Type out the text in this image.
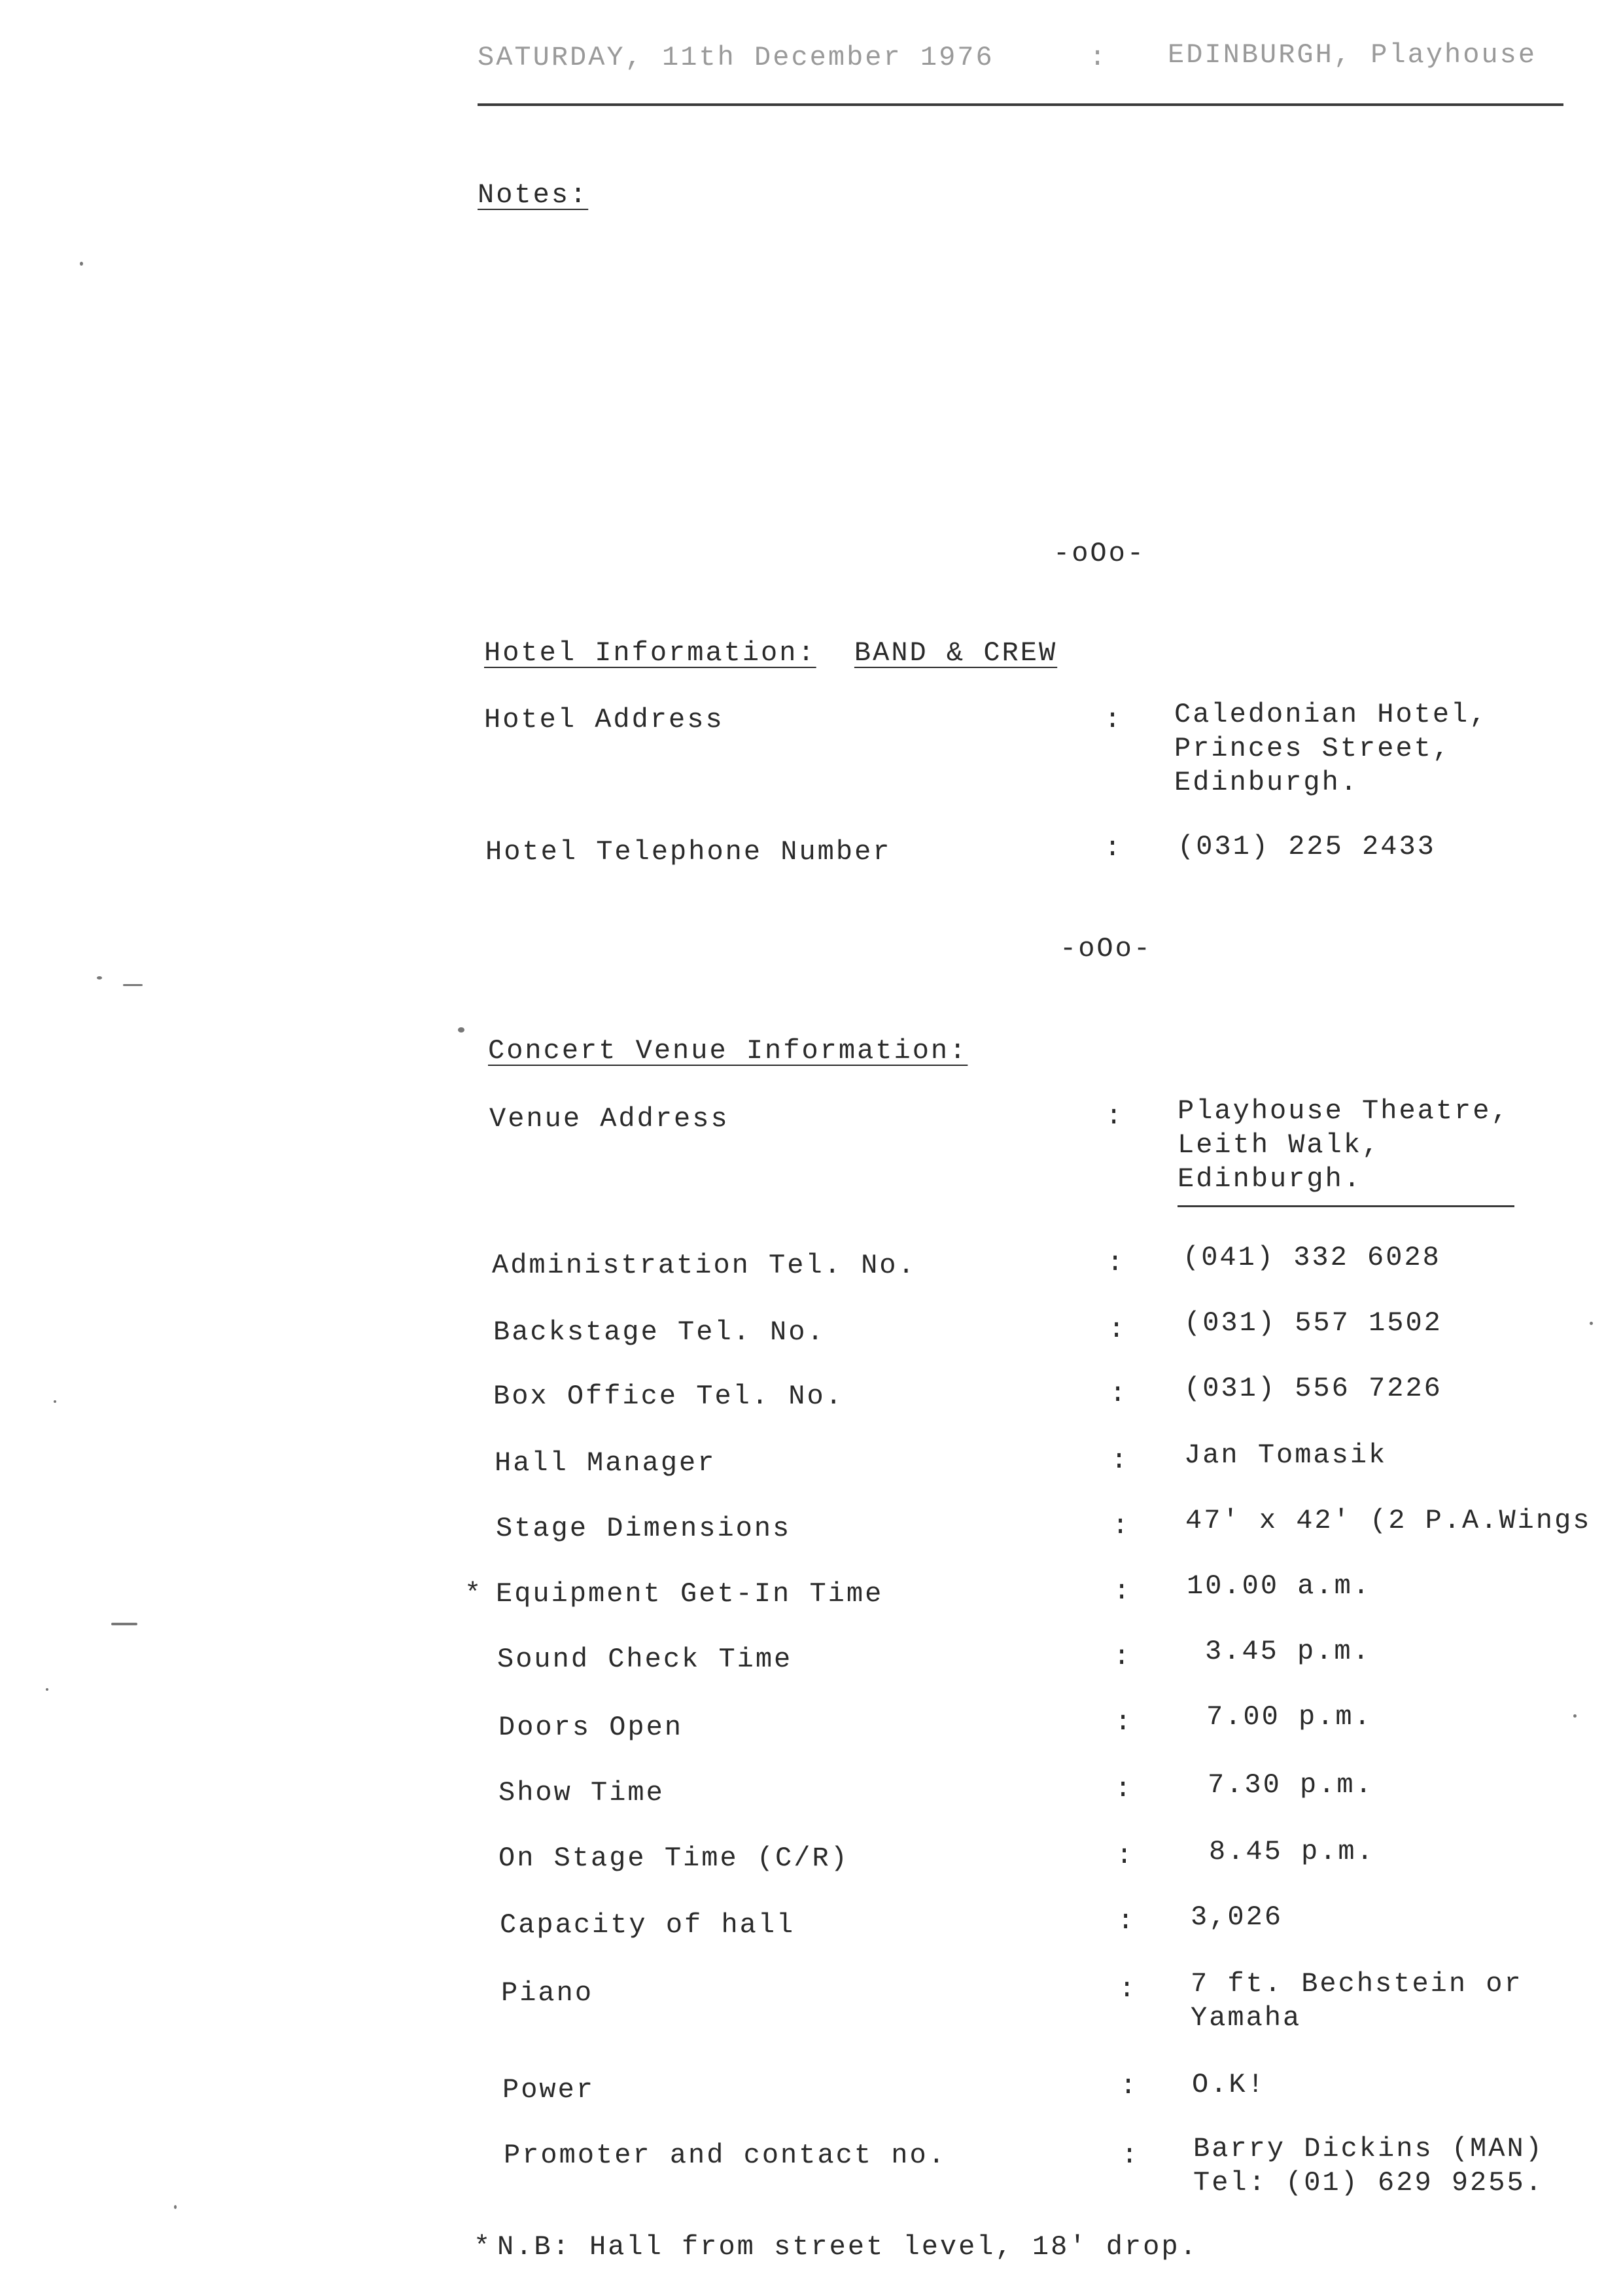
SATURDAY, 11th December 1976	: EDINBURGH, Playhouse
Notes:
-oOo-
Hotel Information: BAND & CREW
Hotel Address	: Caledonian Hotel,
Princes Street,
Edinburgh.
Hotel Telephone Number	: (031) 225 2433
-oOo-
Concert Venue Information:
Venue Address	: Playhouse Theatre,
Leith Walk,
Edinburgh.
Administration Tel. No.	: (041) 332 6028
Backstage Tel. No.	: (031) 557 1502
Box Office Tel. No.	: (031) 556 7226
Hall Manager	: Jan Tomasik
Stage Dimensions	: 47' x 42' (2 P.A.Wings
* Equipment Get-In Time	: 10.00 a.m.
Sound Check Time	:	3.45 p.m.
Doors Open	:	7.00 p.m.
Show Time	:	7.30 p.m.
On Stage Time (C/R)	:	8.45 p.m.
Capacity of hall	: 3,026
Piano	: 7 ft. Bechstein or
Yamaha
Power	: O.K!
Promoter and contact no.	: Barry Dickins (MAN)
Tel: (01) 629 9255.
* N.B: Hall from street level, 18' drop.
